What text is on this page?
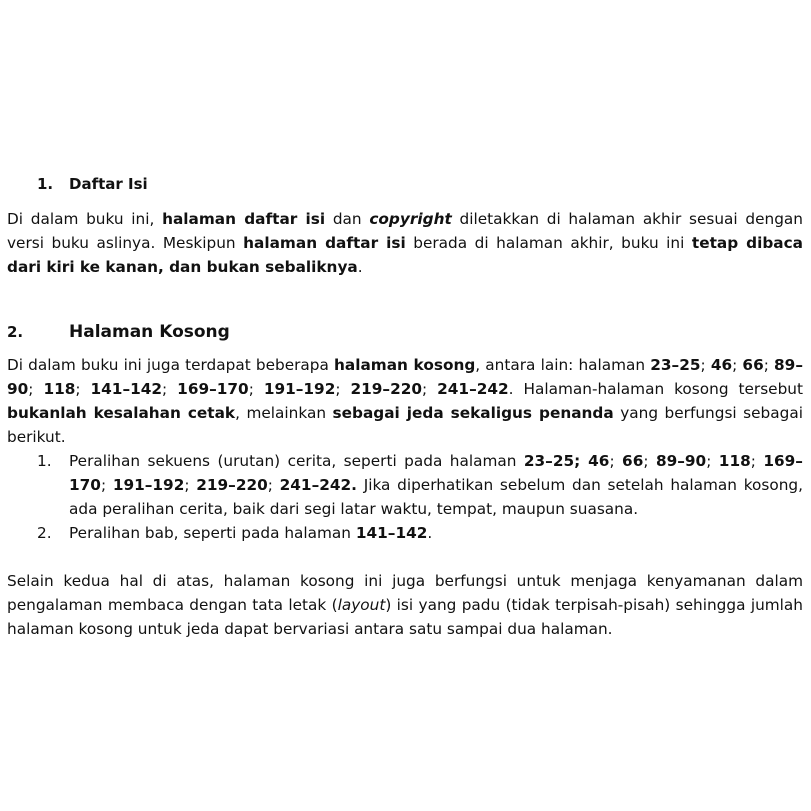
1.	Daftar Isi

Di dalam buku ini, halaman daftar isi dan copyright diletakkan di halaman akhir sesuai dengan versi buku aslinya. Meskipun halaman daftar isi berada di halaman akhir, buku ini tetap dibaca dari kiri ke kanan, dan bukan sebaliknya.

2.	Halaman Kosong

Di dalam buku ini juga terdapat beberapa halaman kosong, antara lain: halaman 23–25; 46; 66; 89–90; 118; 141–142; 169–170; 191–192; 219–220; 241–242. Halaman-halaman kosong tersebut bukanlah kesalahan cetak, melainkan sebagai jeda sekaligus penanda yang berfungsi sebagai berikut.

1.	Peralihan sekuens (urutan) cerita, seperti pada halaman 23–25; 46; 66; 89–90; 118; 169–170; 191–192; 219–220; 241–242. Jika diperhatikan sebelum dan setelah halaman kosong, ada peralihan cerita, baik dari segi latar waktu, tempat, maupun suasana.
2.	Peralihan bab, seperti pada halaman 141–142.

Selain kedua hal di atas, halaman kosong ini juga berfungsi untuk menjaga kenyamanan dalam pengalaman membaca dengan tata letak (layout) isi yang padu (tidak terpisah-pisah) sehingga jumlah halaman kosong untuk jeda dapat bervariasi antara satu sampai dua halaman.
